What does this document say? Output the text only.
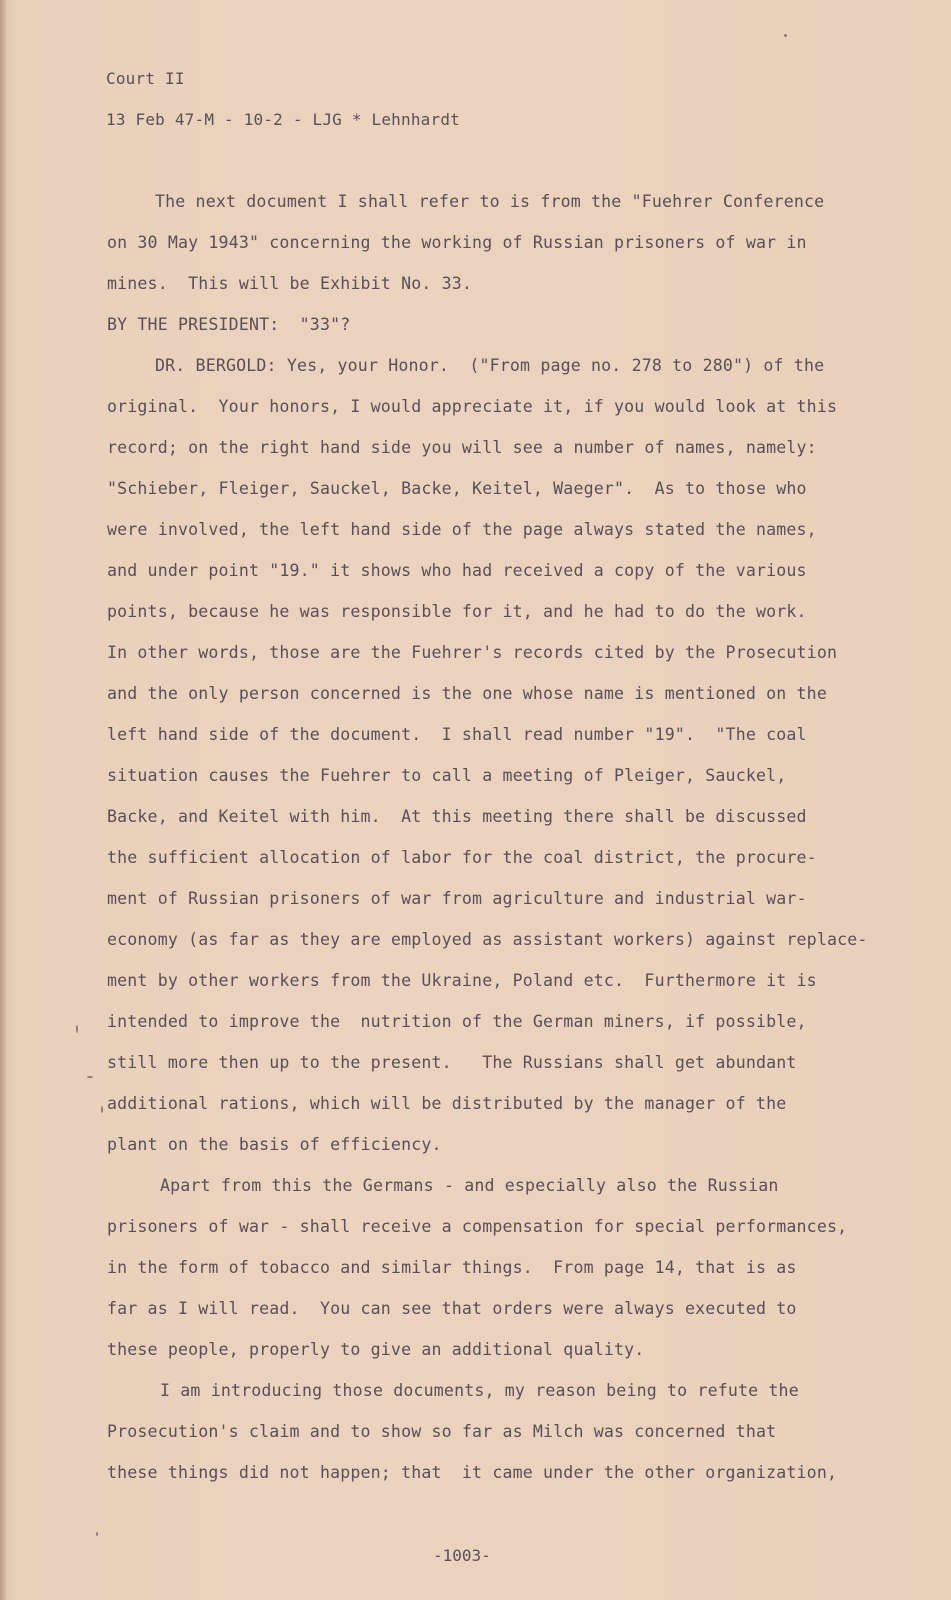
Court II
13 Feb 47-M - 10-2 - LJG * Lehnhardt
The next document I shall refer to is from the "Fuehrer Conference
on 30 May 1943" concerning the working of Russian prisoners of war in
mines.  This will be Exhibit No. 33.
BY THE PRESIDENT:  "33"?
DR. BERGOLD: Yes, your Honor.  ("From page no. 278 to 280") of the
original.  Your honors, I would appreciate it, if you would look at this
record; on the right hand side you will see a number of names, namely:
"Schieber, Fleiger, Sauckel, Backe, Keitel, Waeger".  As to those who
were involved, the left hand side of the page always stated the names,
and under point "19." it shows who had received a copy of the various
points, because he was responsible for it, and he had to do the work.
In other words, those are the Fuehrer's records cited by the Prosecution
and the only person concerned is the one whose name is mentioned on the
left hand side of the document.  I shall read number "19".  "The coal
situation causes the Fuehrer to call a meeting of Pleiger, Sauckel,
Backe, and Keitel with him.  At this meeting there shall be discussed
the sufficient allocation of labor for the coal district, the procure-
ment of Russian prisoners of war from agriculture and industrial war-
economy (as far as they are employed as assistant workers) against replace-
ment by other workers from the Ukraine, Poland etc.  Furthermore it is
intended to improve the  nutrition of the German miners, if possible,
still more then up to the present.   The Russians shall get abundant
additional rations, which will be distributed by the manager of the
plant on the basis of efficiency.
Apart from this the Germans - and especially also the Russian
prisoners of war - shall receive a compensation for special performances,
in the form of tobacco and similar things.  From page 14, that is as
far as I will read.  You can see that orders were always executed to
these people, properly to give an additional quality.
I am introducing those documents, my reason being to refute the
Prosecution's claim and to show so far as Milch was concerned that
these things did not happen; that  it came under the other organization,
-1003-
